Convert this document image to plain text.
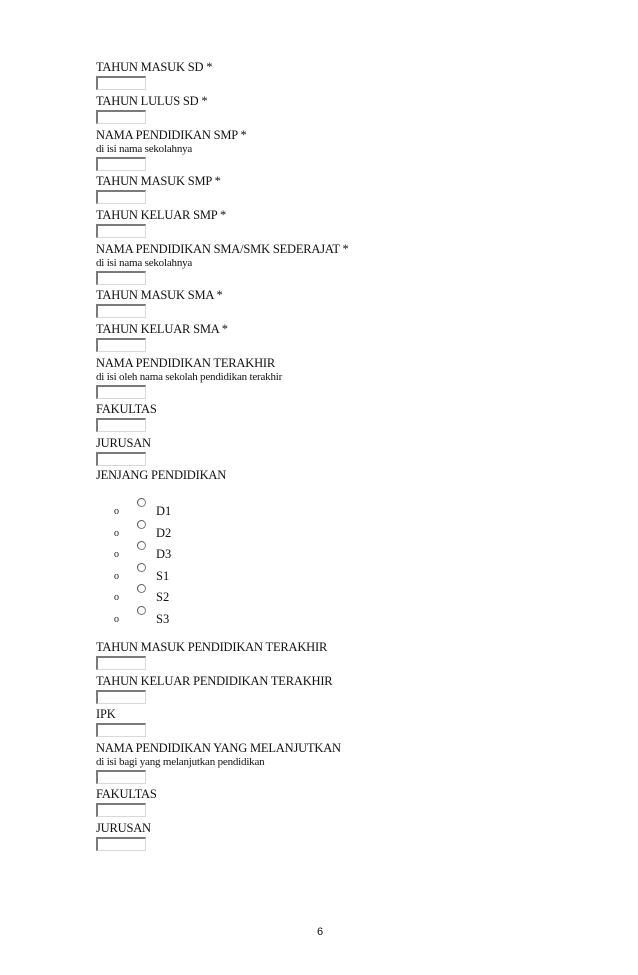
TAHUN MASUK SD *
TAHUN LULUS SD *
NAMA PENDIDIKAN SMP *
di isi nama sekolahnya
TAHUN MASUK SMP *
TAHUN KELUAR SMP *
NAMA PENDIDIKAN SMA/SMK SEDERAJAT *
di isi nama sekolahnya
TAHUN MASUK SMA *
TAHUN KELUAR SMA *
NAMA PENDIDIKAN TERAKHIR
di isi oleh nama sekolah pendidikan terakhir
FAKULTAS
JURUSAN
JENJANG PENDIDIKAN
o	D1
o	D2
o	D3
o	S1
o	S2
o	S3
TAHUN MASUK PENDIDIKAN TERAKHIR
TAHUN KELUAR PENDIDIKAN TERAKHIR
IPK
NAMA PENDIDIKAN YANG MELANJUTKAN
di isi bagi yang melanjutkan pendidikan
FAKULTAS
JURUSAN
6
